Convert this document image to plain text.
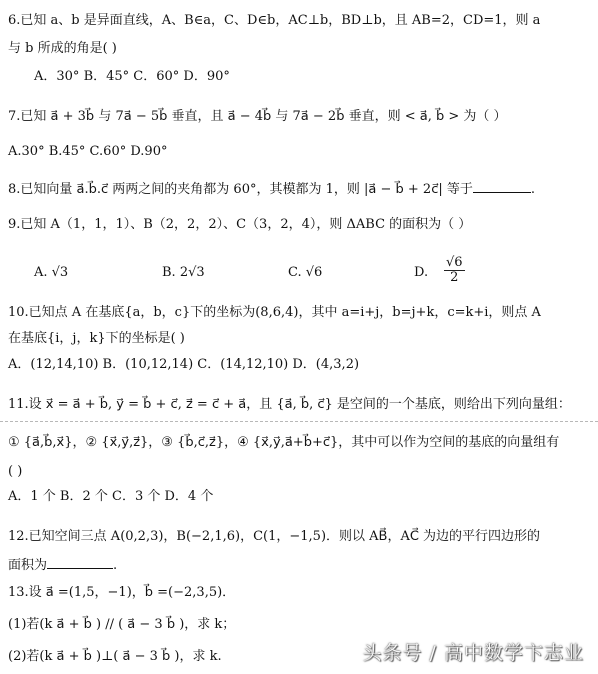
6.已知 a、b 是异面直线，A、B∈a，C、D∈b，AC⊥b，BD⊥b，且 AB=2，CD=1，则 a
与 b 所成的角是( )
A．30° B．45° C．60° D．90°
7.已知 a⃗ + 3b⃗ 与 7a⃗ − 5b⃗ 垂直，且 a⃗ − 4b⃗ 与 7a⃗ − 2b⃗ 垂直，则 < a⃗, b⃗ > 为（ ）
A.30° B.45° C.60° D.90°
8.已知向量 a⃗.b⃗.c⃗ 两两之间的夹角都为 60°，其模都为 1，则 |a⃗ − b⃗ + 2c⃗| 等于	.
9.已知 A（1，1，1）、B（2，2，2）、C（3，2，4），则 ΔABC 的面积为（ ）
A. √3	B. 2√3	C. √6	D. $\frac{√6}{2}$
10.已知点 A 在基底{a，b，c}下的坐标为(8,6,4)，其中 a=i+j，b=j+k，c=k+i，则点 A
在基底{i，j，k}下的坐标是( )
A．(12,14,10) B．(10,12,14) C．(14,12,10) D．(4,3,2)
11.设 x⃗ = a⃗ + b⃗, y⃗ = b⃗ + c⃗, z⃗ = c⃗ + a⃗，且 {a⃗, b⃗, c⃗} 是空间的一个基底，则给出下列向量组：
① {a⃗,b⃗,x⃗}，② {x⃗,y⃗,z⃗}，③ {b⃗,c⃗,z⃗}，④ {x⃗,y⃗,a⃗+b⃗+c⃗}，其中可以作为空间的基底的向量组有
( )
A．1 个 B．2 个 C．3 个 D．4 个
12.已知空间三点 A(0,2,3)，B(−2,1,6)，C(1，−1,5)．则以 AB⃗，AC⃗ 为边的平行四边形的
面积为	.
13.设 a⃗ =(1,5，−1)，b⃗ =(−2,3,5)．
(1)若(k a⃗ + b⃗ ) // ( a⃗ − 3 b⃗ )，求 k；
(2)若(k a⃗ + b⃗ )⊥( a⃗ − 3 b⃗ )，求 k.	头条号 / 高中数学卞志业
